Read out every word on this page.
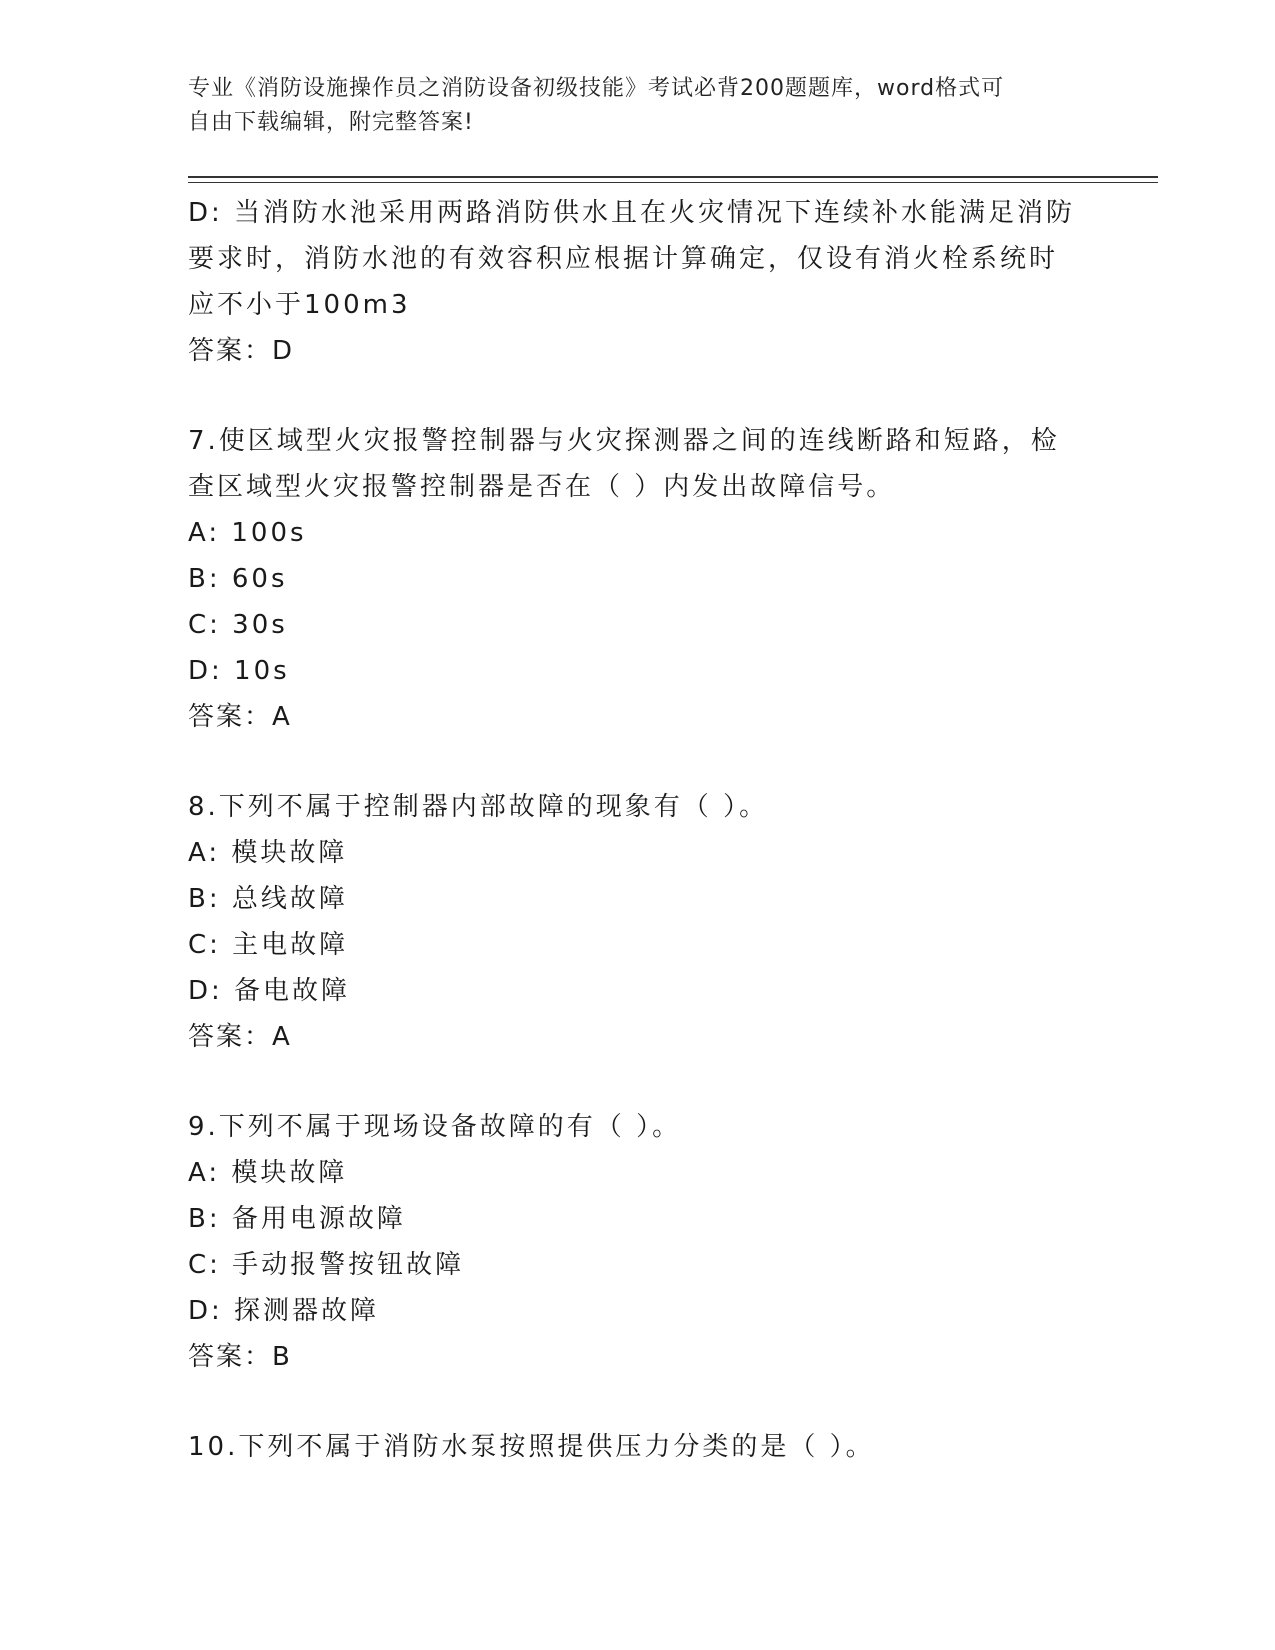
专业《消防设施操作员之消防设备初级技能》考试必背200题题库，word格式可
自由下载编辑，附完整答案!
D: 当消防水池采用两路消防供水且在火灾情况下连续补水能满足消防
要求时，消防水池的有效容积应根据计算确定，仅设有消火栓系统时
应不小于100m3
答案：D
7.使区域型火灾报警控制器与火灾探测器之间的连线断路和短路，检
查区域型火灾报警控制器是否在（ ）内发出故障信号。
A: 100s
B: 60s
C: 30s
D: 10s
答案：A
8.下列不属于控制器内部故障的现象有（ ）。
A: 模块故障
B: 总线故障
C: 主电故障
D: 备电故障
答案：A
9.下列不属于现场设备故障的有（ ）。
A: 模块故障
B: 备用电源故障
C: 手动报警按钮故障
D: 探测器故障
答案：B
10.下列不属于消防水泵按照提供压力分类的是（ ）。
